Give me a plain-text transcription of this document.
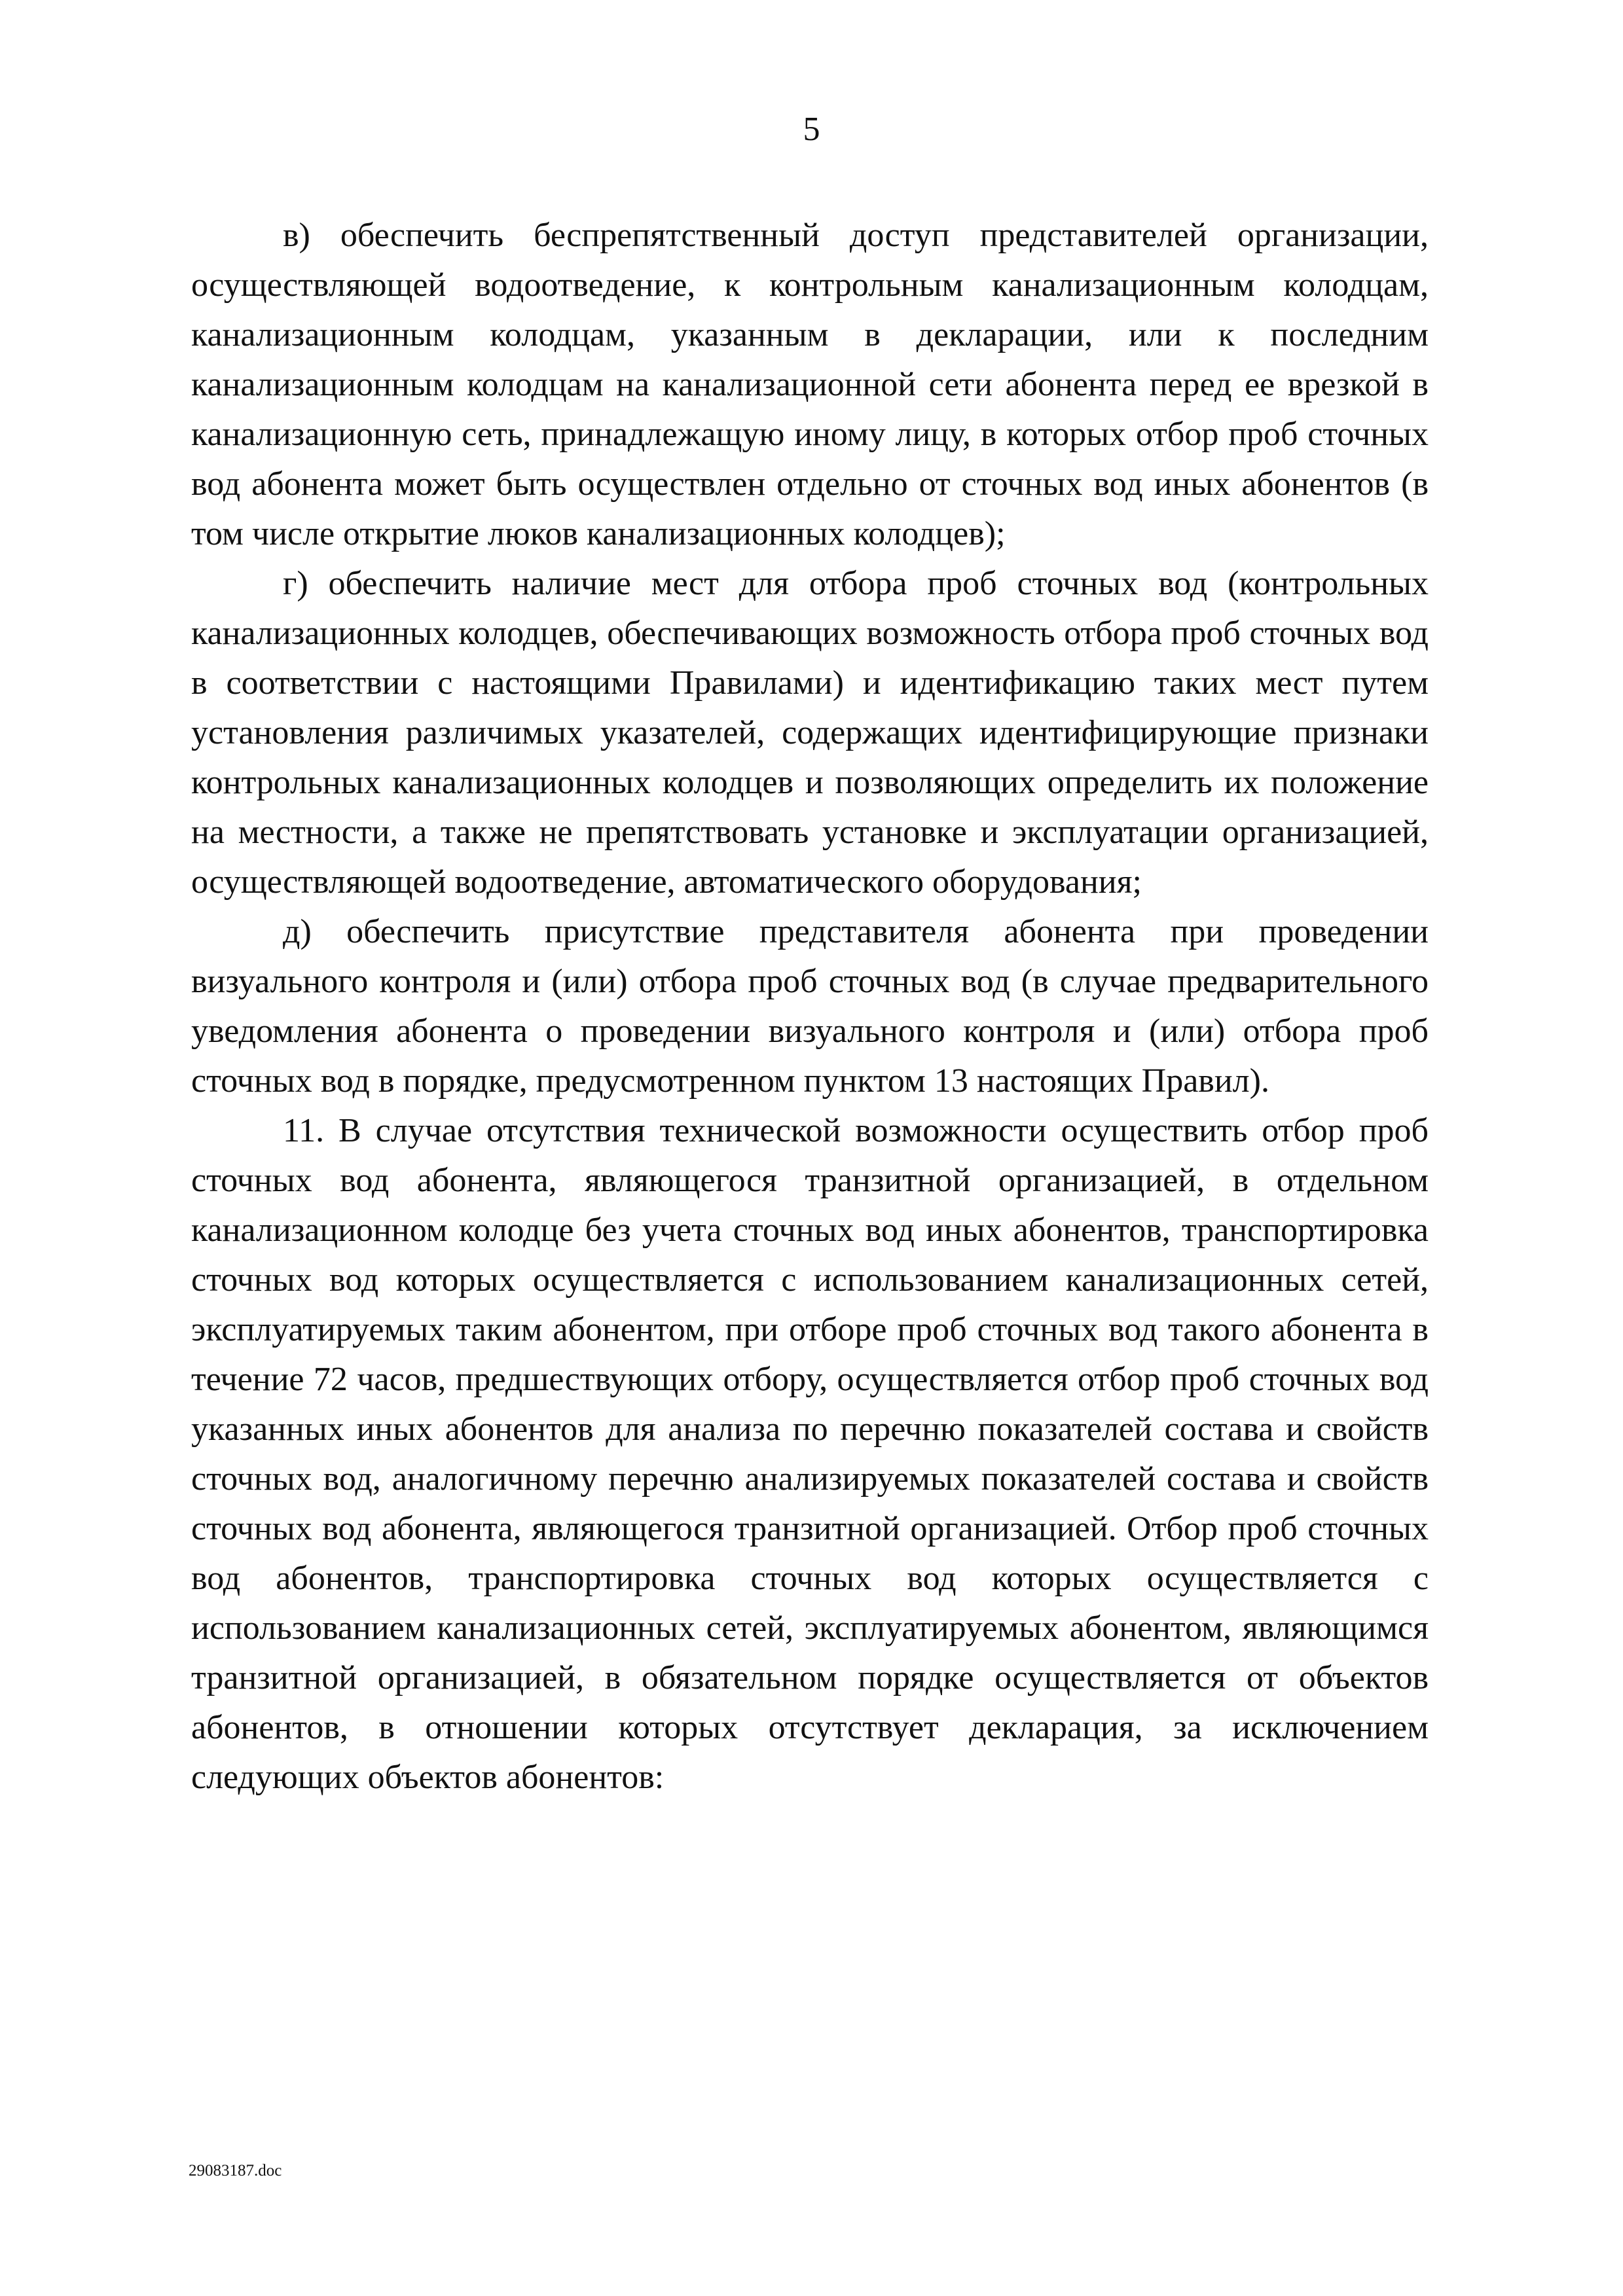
5

в) обеспечить беспрепятственный доступ представителей организации, осуществляющей водоотведение, к контрольным канализационным колодцам, канализационным колодцам, указанным в декларации, или к последним канализационным колодцам на канализационной сети абонента перед ее врезкой в канализационную сеть, принадлежащую иному лицу, в которых отбор проб сточных вод абонента может быть осуществлен отдельно от сточных вод иных абонентов (в том числе открытие люков канализационных колодцев);

г) обеспечить наличие мест для отбора проб сточных вод (контрольных канализационных колодцев, обеспечивающих возможность отбора проб сточных вод в соответствии с настоящими Правилами) и идентификацию таких мест путем установления различимых указателей, содержащих идентифицирующие признаки контрольных канализационных колодцев и позволяющих определить их положение на местности, а также не препятствовать установке и эксплуатации организацией, осуществляющей водоотведение, автоматического оборудования;

д) обеспечить присутствие представителя абонента при проведении визуального контроля и (или) отбора проб сточных вод (в случае предварительного уведомления абонента о проведении визуального контроля и (или) отбора проб сточных вод в порядке, предусмотренном пунктом 13 настоящих Правил).

11. В случае отсутствия технической возможности осуществить отбор проб сточных вод абонента, являющегося транзитной организацией, в отдельном канализационном колодце без учета сточных вод иных абонентов, транспортировка сточных вод которых осуществляется с использованием канализационных сетей, эксплуатируемых таким абонентом, при отборе проб сточных вод такого абонента в течение 72 часов, предшествующих отбору, осуществляется отбор проб сточных вод указанных иных абонентов для анализа по перечню показателей состава и свойств сточных вод, аналогичному перечню анализируемых показателей состава и свойств сточных вод абонента, являющегося транзитной организацией. Отбор проб сточных вод абонентов, транспортировка сточных вод которых осуществляется с использованием канализационных сетей, эксплуатируемых абонентом, являющимся транзитной организацией, в обязательном порядке осуществляется от объектов абонентов, в отношении которых отсутствует декларация, за исключением следующих объектов абонентов:

29083187.doc
